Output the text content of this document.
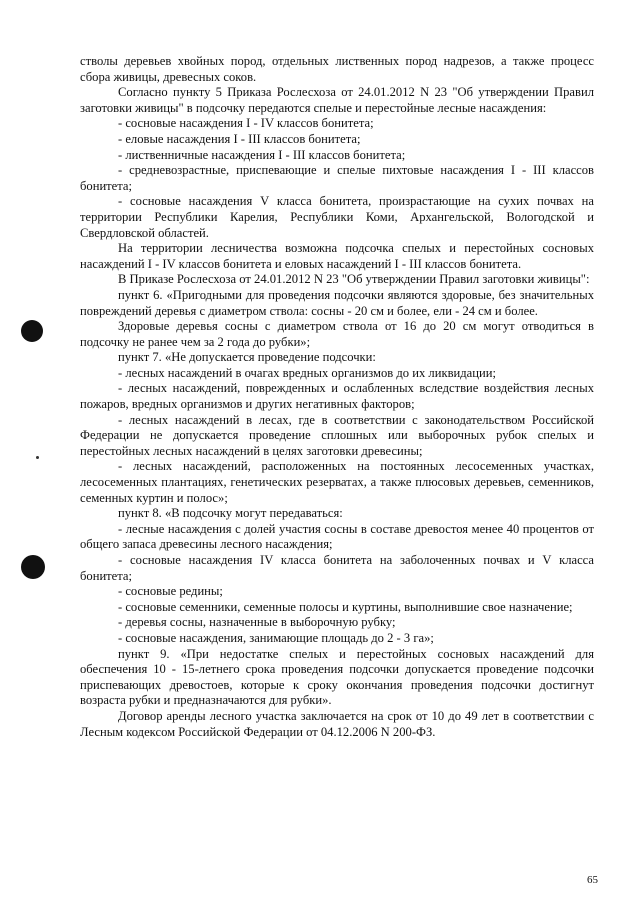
стволы деревьев хвойных пород, отдельных лиственных пород надрезов, а также процесс сбора живицы, древесных соков.

Согласно пункту 5 Приказа Рослесхоза от 24.01.2012 N 23 "Об утверждении Правил заготовки живицы" в подсочку передаются спелые и перестойные лесные насаждения:

- сосновые насаждения I - IV классов бонитета;

- еловые насаждения I - III классов бонитета;

- лиственничные насаждения I - III классов бонитета;

- средневозрастные, приспевающие и спелые пихтовые насаждения I - III классов бонитета;

- сосновые насаждения V класса бонитета, произрастающие на сухих почвах на территории Республики Карелия, Республики Коми, Архангельской, Вологодской и Свердловской областей.

На территории лесничества возможна подсочка спелых и перестойных сосновых насаждений I - IV классов бонитета и еловых насаждений I - III классов бонитета.

В Приказе Рослесхоза от 24.01.2012 N 23 "Об утверждении Правил заготовки живицы":

пункт 6. «Пригодными для проведения подсочки являются здоровые, без значительных повреждений деревья с диаметром ствола: сосны - 20 см и более, ели - 24 см и более.

Здоровые деревья сосны с диаметром ствола от 16 до 20 см могут отводиться в подсочку не ранее чем за 2 года до рубки»;

пункт 7. «Не допускается проведение подсочки:

- лесных насаждений в очагах вредных организмов до их ликвидации;

- лесных насаждений, поврежденных и ослабленных вследствие воздействия лесных пожаров, вредных организмов и других негативных факторов;

- лесных насаждений в лесах, где в соответствии с законодательством Российской Федерации не допускается проведение сплошных или выборочных рубок спелых и перестойных лесных насаждений в целях заготовки древесины;

- лесных насаждений, расположенных на постоянных лесосеменных участках, лесосеменных плантациях, генетических резерватах, а также плюсовых деревьев, семенников, семенных куртин и полос»;

пункт 8. «В подсочку могут передаваться:

- лесные насаждения с долей участия сосны в составе древостоя менее 40 процентов от общего запаса древесины лесного насаждения;

- сосновые насаждения IV класса бонитета на заболоченных почвах и V класса бонитета;

- сосновые редины;

- сосновые семенники, семенные полосы и куртины, выполнившие свое назначение;

- деревья сосны, назначенные в выборочную рубку;

- сосновые насаждения, занимающие площадь до 2 - 3 га»;

пункт 9. «При недостатке спелых и перестойных сосновых насаждений для обеспечения 10 - 15-летнего срока проведения подсочки допускается проведение подсочки приспевающих древостоев, которые к сроку окончания проведения подсочки достигнут возраста рубки и предназначаются для рубки».

Договор аренды лесного участка заключается на срок от 10 до 49 лет в соответствии с Лесным кодексом Российской Федерации от 04.12.2006 N 200-ФЗ.

65
